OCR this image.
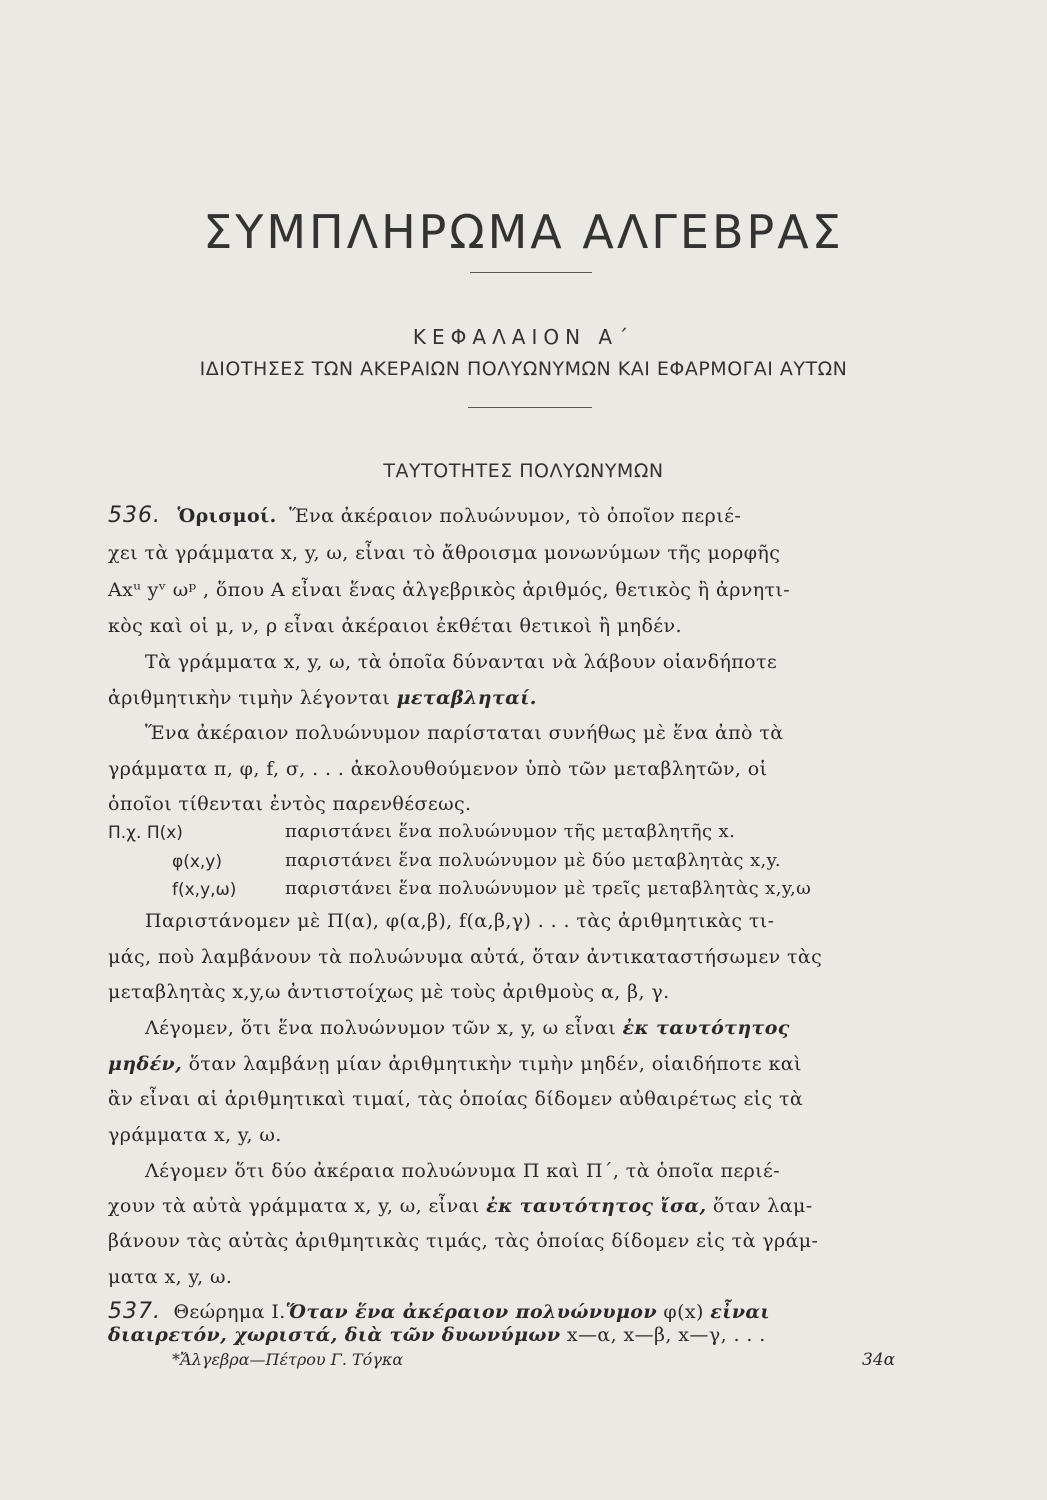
ΣΥΜΠΛΗΡΩΜΑ ΑΛΓΕΒΡΑΣ
ΚΕΦΑΛΑΙΟΝ Α΄
ΙΔΙΟΤΗΣΕΣ ΤΩΝ ΑΚΕΡΑΙΩΝ ΠΟΛΥΩΝΥΜΩΝ ΚΑΙ ΕΦΑΡΜΟΓΑΙ ΑΥΤΩΝ
ΤΑΥΤΟΤΗΤΕΣ ΠΟΛΥΩΝΥΜΩΝ
536. Ὁρισμοί. Ἕνα ἀκέραιον πολυώνυμον, τὸ ὁποῖον περιέ-
χει τὰ γράμματα x, y, ω, εἶναι τὸ ἄθροισμα μονωνύμων τῆς μορφῆς
Αxᵘ yᵛ ωᵖ , ὅπου Α εἶναι ἕνας ἀλγεβρικὸς ἀριθμός, θετικὸς ἢ ἀρνητι-
κὸς καὶ οἱ μ, ν, ρ εἶναι ἀκέραιοι ἐκθέται θετικοὶ ἢ μηδέν.
Τὰ γράμματα x, y, ω, τὰ ὁποῖα δύνανται νὰ λάβουν οἱανδήποτε
ἀριθμητικὴν τιμὴν λέγονται μεταβληταί.
Ἕνα ἀκέραιον πολυώνυμον παρίσταται συνήθως μὲ ἕνα ἀπὸ τὰ
γράμματα π, φ, f, σ, . . . ἀκολουθούμενον ὑπὸ τῶν μεταβλητῶν, οἱ
ὁποῖοι τίθενται ἐντὸς παρενθέσεως.
Π.χ. Π(x)	παριστάνει ἕνα πολυώνυμον τῆς μεταβλητῆς x.
φ(x,y)	παριστάνει ἕνα πολυώνυμον μὲ δύο μεταβλητὰς x,y.
f(x,y,ω)	παριστάνει ἕνα πολυώνυμον μὲ τρεῖς μεταβλητὰς x,y,ω
Παριστάνομεν μὲ Π(α), φ(α,β), f(α,β,γ) . . . τὰς ἀριθμητικὰς τι-
μάς, ποὺ λαμβάνουν τὰ πολυώνυμα αὐτά, ὅταν ἀντικαταστήσωμεν τὰς
μεταβλητὰς x,y,ω ἀντιστοίχως μὲ τοὺς ἀριθμοὺς α, β, γ.
Λέγομεν, ὅτι ἕνα πολυώνυμον τῶν x, y, ω εἶναι ἐκ ταυτότητος
μηδέν, ὅταν λαμβάνῃ μίαν ἀριθμητικὴν τιμὴν μηδέν, οἱαιδήποτε καὶ
ἂν εἶναι αἱ ἀριθμητικαὶ τιμαί, τὰς ὁποίας δίδομεν αὐθαιρέτως εἰς τὰ
γράμματα x, y, ω.
Λέγομεν ὅτι δύο ἀκέραια πολυώνυμα Π καὶ Π΄, τὰ ὁποῖα περιέ-
χουν τὰ αὐτὰ γράμματα x, y, ω, εἶναι ἐκ ταυτότητος ἴσα, ὅταν λαμ-
βάνουν τὰς αὐτὰς ἀριθμητικὰς τιμάς, τὰς ὁποίας δίδομεν εἰς τὰ γράμ-
ματα x, y, ω.
537. Θεώρημα Ι.Ὅταν ἕνα ἀκέραιον πολυώνυμον φ(x) εἶναι
διαιρετόν, χωριστά, διὰ τῶν δυωνύμων x—α, x—β, x—γ, . . .
*Ἄλγεβρα—Πέτρου Γ. Τόγκα	34α
